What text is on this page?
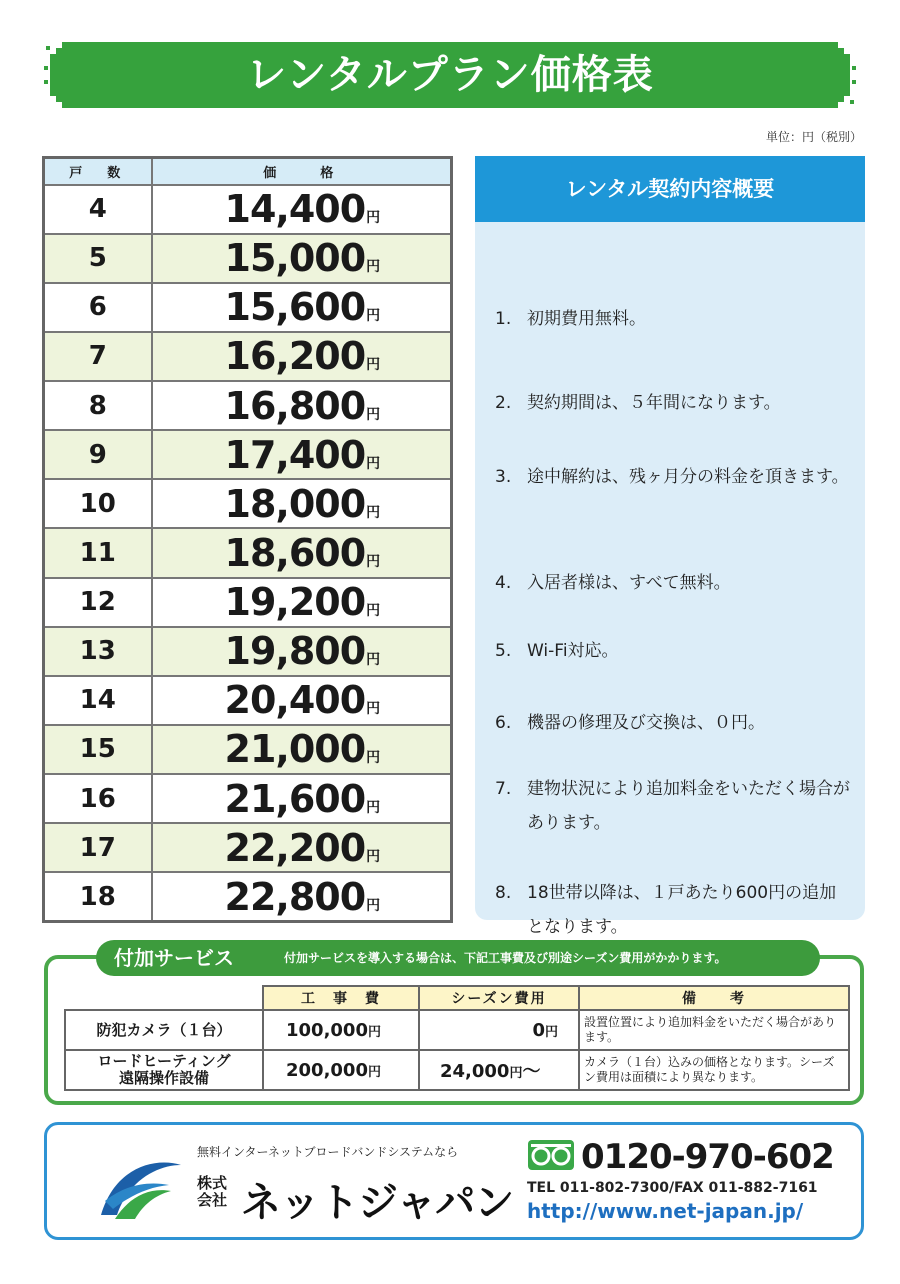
レンタルプラン価格表
単位：円（税別）
戸　数	価　　格
4	14,400円
5	15,000円
6	15,600円
7	16,200円
8	16,800円
9	17,400円
10	18,000円
11	18,600円
12	19,200円
13	19,800円
14	20,400円
15	21,000円
16	21,600円
17	22,200円
18	22,800円
レンタル契約内容概要
1. 初期費用無料。
2. 契約期間は、５年間になります。
3. 途中解約は、残ヶ月分の料金を頂きます。
4. 入居者様は、すべて無料。
5. Wi-Fi対応。
6. 機器の修理及び交換は、０円。
7. 建物状況により追加料金をいただく場合があります。
8. 18世帯以降は、１戸あたり600円の追加となります。
付加サービス	付加サービスを導入する場合は、下記工事費及び別途シーズン費用がかかります。
	工　事　費	シーズン費用	備　　考
防犯カメラ（１台）	100,000円	0円	設置位置により追加料金をいただく場合があります。
ロードヒーティング
遠隔操作設備	200,000円	24,000円～	カメラ（１台）込みの価格となります。シーズン費用は面積により異なります。
無料インターネットブロードバンドシステムなら
株式会社 ネットジャパン
0120-970-602
TEL 011-802-7300/FAX 011-882-7161
http://www.net-japan.jp/
